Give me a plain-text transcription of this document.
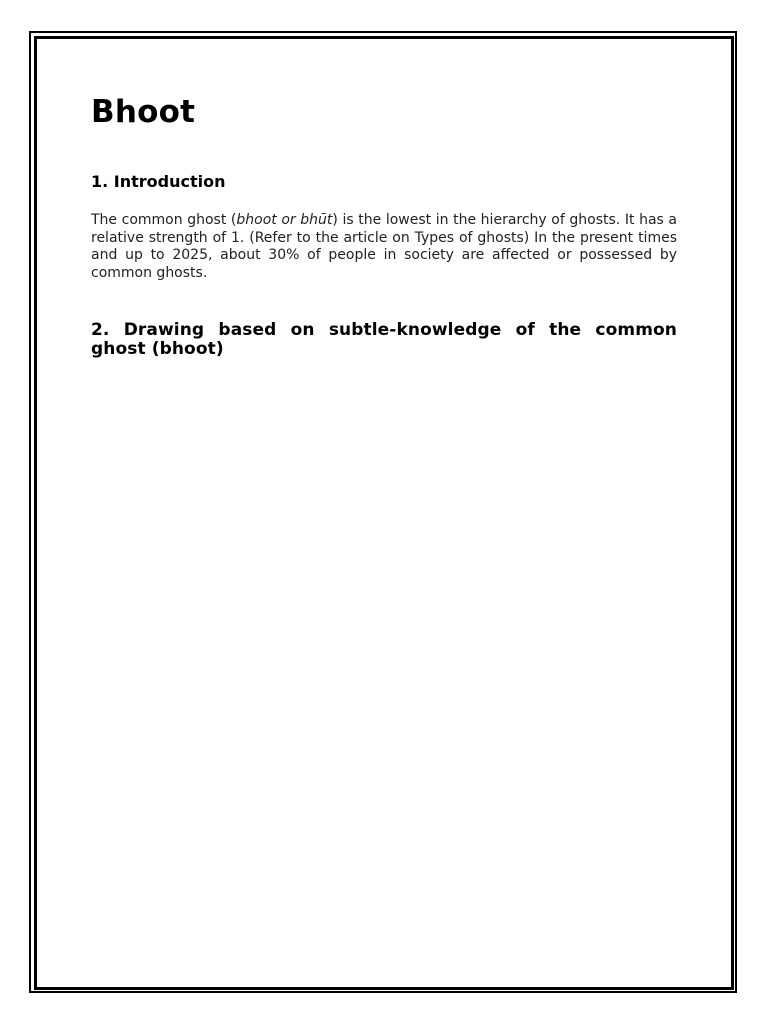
Bhoot
1. Introduction

The common ghost (bhoot or bhūt) is the lowest in the hierarchy of ghosts. It has a relative strength of 1. (Refer to the article on Types of ghosts) In the present times and up to 2025, about 30% of people in society are affected or possessed by common ghosts.

2. Drawing based on subtle-knowledge of the common ghost (bhoot)
